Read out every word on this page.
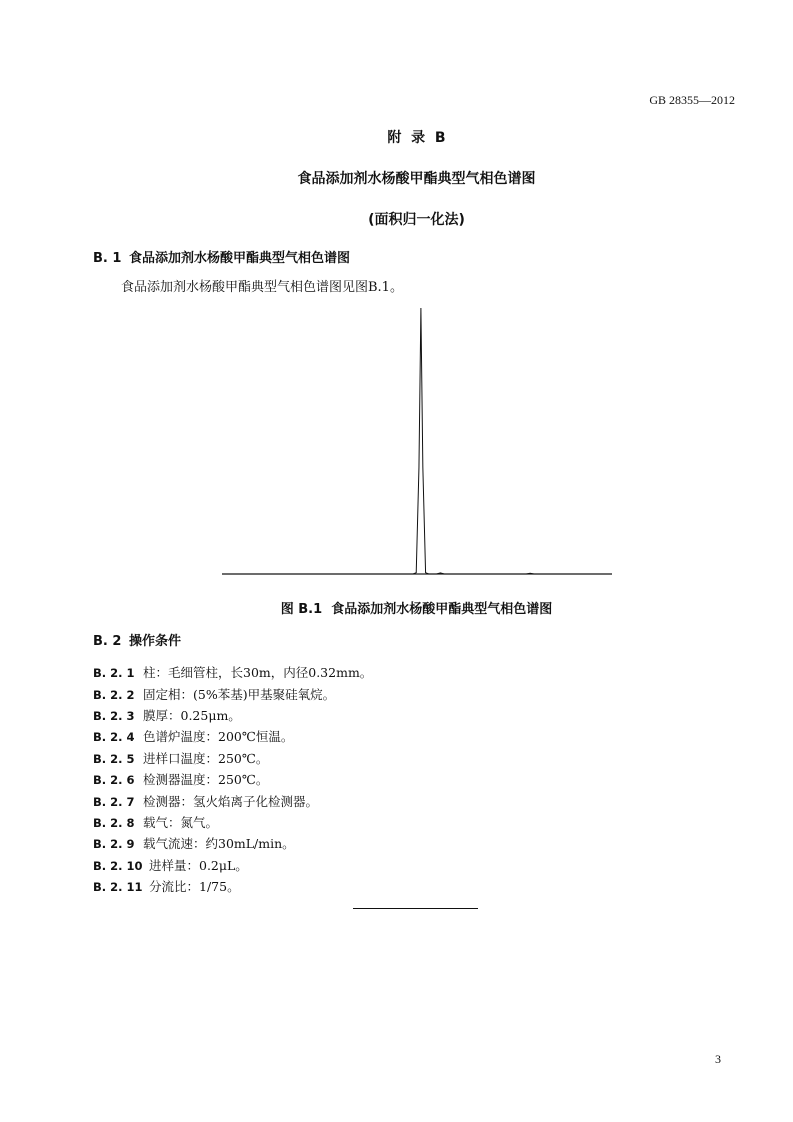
GB 28355—2012
附  录  B
食品添加剂水杨酸甲酯典型气相色谱图
(面积归一化法)
B. 1 食品添加剂水杨酸甲酯典型气相色谱图
食品添加剂水杨酸甲酯典型气相色谱图见图B.1。
图 B.1  食品添加剂水杨酸甲酯典型气相色谱图
B. 2 操作条件
B. 2. 1 柱：毛细管柱，长30m，内径0.32mm。
B. 2. 2 固定相：(5%苯基)甲基聚硅氧烷。
B. 2. 3 膜厚：0.25μm。
B. 2. 4 色谱炉温度：200℃恒温。
B. 2. 5 进样口温度：250℃。
B. 2. 6 检测器温度：250℃。
B. 2. 7 检测器：氢火焰离子化检测器。
B. 2. 8 载气：氮气。
B. 2. 9 载气流速：约30mL/min。
B. 2. 10 进样量：0.2μL。
B. 2. 11 分流比：1/75。
3
